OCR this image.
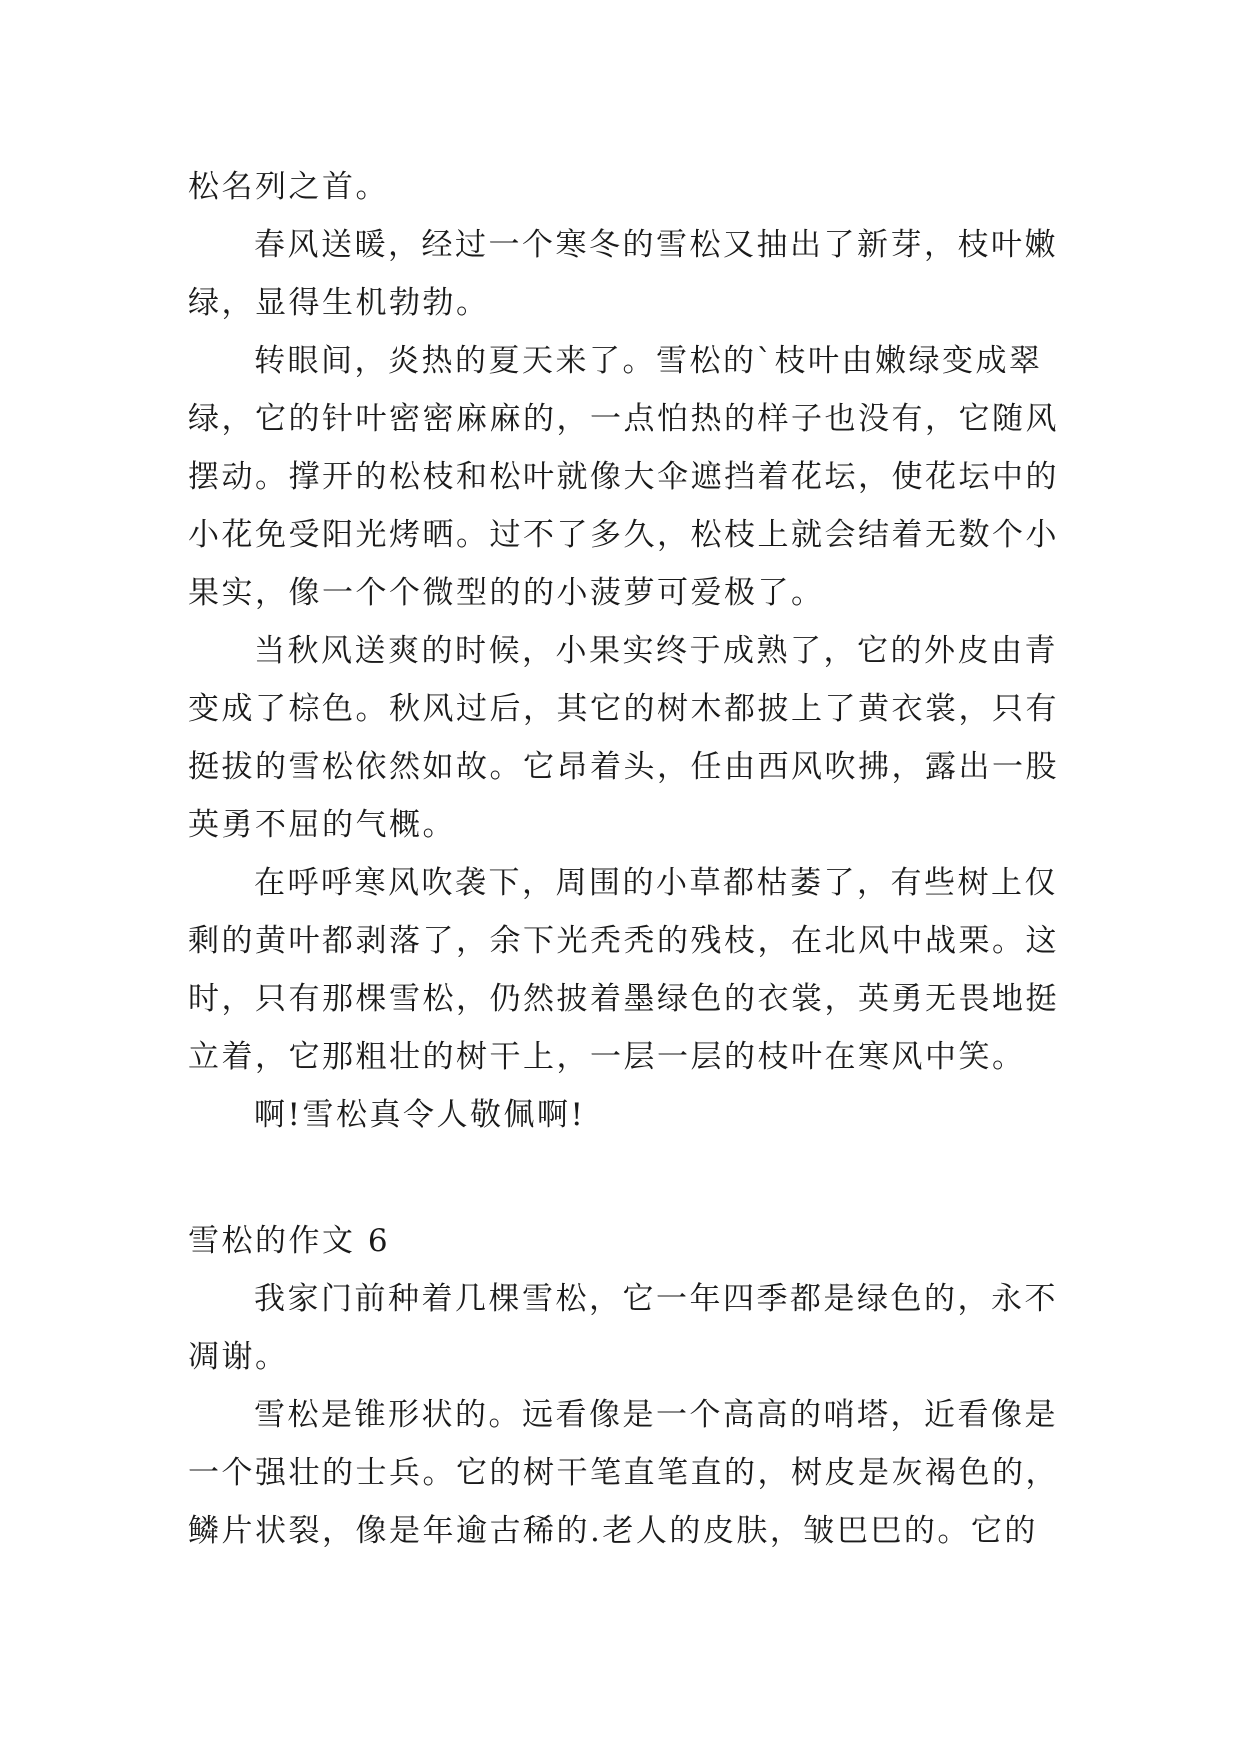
松名列之首。
春风送暖，经过一个寒冬的雪松又抽出了新芽，枝叶嫩
绿，显得生机勃勃。
转眼间，炎热的夏天来了。雪松的`枝叶由嫩绿变成翠
绿，它的针叶密密麻麻的，一点怕热的样子也没有，它随风
摆动。撑开的松枝和松叶就像大伞遮挡着花坛，使花坛中的
小花免受阳光烤晒。过不了多久，松枝上就会结着无数个小
果实，像一个个微型的的小菠萝可爱极了。
当秋风送爽的时候，小果实终于成熟了，它的外皮由青
变成了棕色。秋风过后，其它的树木都披上了黄衣裳，只有
挺拔的雪松依然如故。它昂着头，任由西风吹拂，露出一股
英勇不屈的气概。
在呼呼寒风吹袭下，周围的小草都枯萎了，有些树上仅
剩的黄叶都剥落了，余下光秃秃的残枝，在北风中战栗。这
时，只有那棵雪松，仍然披着墨绿色的衣裳，英勇无畏地挺
立着，它那粗壮的树干上，一层一层的枝叶在寒风中笑。
啊!雪松真令人敬佩啊!
雪松的作文 6
我家门前种着几棵雪松，它一年四季都是绿色的，永不
凋谢。
雪松是锥形状的。远看像是一个高高的哨塔，近看像是
一个强壮的士兵。它的树干笔直笔直的，树皮是灰褐色的，
鳞片状裂，像是年逾古稀的.老人的皮肤，皱巴巴的。它的
